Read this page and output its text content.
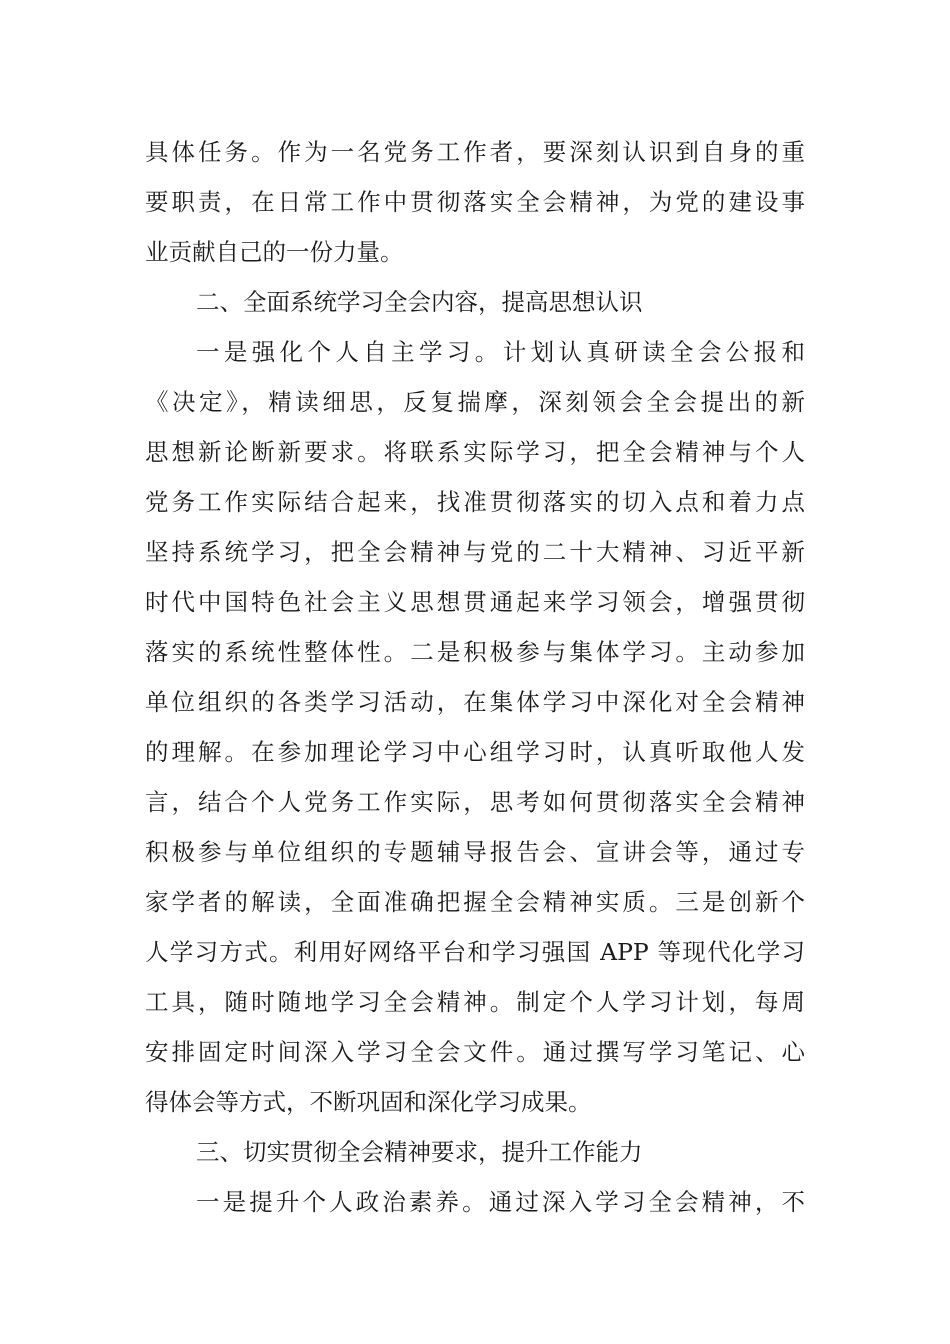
具体任务。作为一名党务工作者，要深刻认识到自身的重
要职责，在日常工作中贯彻落实全会精神，为党的建设事
业贡献自己的一份力量。
二、全面系统学习全会内容，提高思想认识
一是强化个人自主学习。计划认真研读全会公报和
《决定》，精读细思，反复揣摩，深刻领会全会提出的新
思想新论断新要求。将联系实际学习，把全会精神与个人
党务工作实际结合起来，找准贯彻落实的切入点和着力点
坚持系统学习，把全会精神与党的二十大精神、习近平新
时代中国特色社会主义思想贯通起来学习领会，增强贯彻
落实的系统性整体性。二是积极参与集体学习。主动参加
单位组织的各类学习活动，在集体学习中深化对全会精神
的理解。在参加理论学习中心组学习时，认真听取他人发
言，结合个人党务工作实际，思考如何贯彻落实全会精神
积极参与单位组织的专题辅导报告会、宣讲会等，通过专
家学者的解读，全面准确把握全会精神实质。三是创新个
人学习方式。利用好网络平台和学习强国 APP 等现代化学习
工具，随时随地学习全会精神。制定个人学习计划，每周
安排固定时间深入学习全会文件。通过撰写学习笔记、心
得体会等方式，不断巩固和深化学习成果。
三、切实贯彻全会精神要求，提升工作能力
一是提升个人政治素养。通过深入学习全会精神，不
